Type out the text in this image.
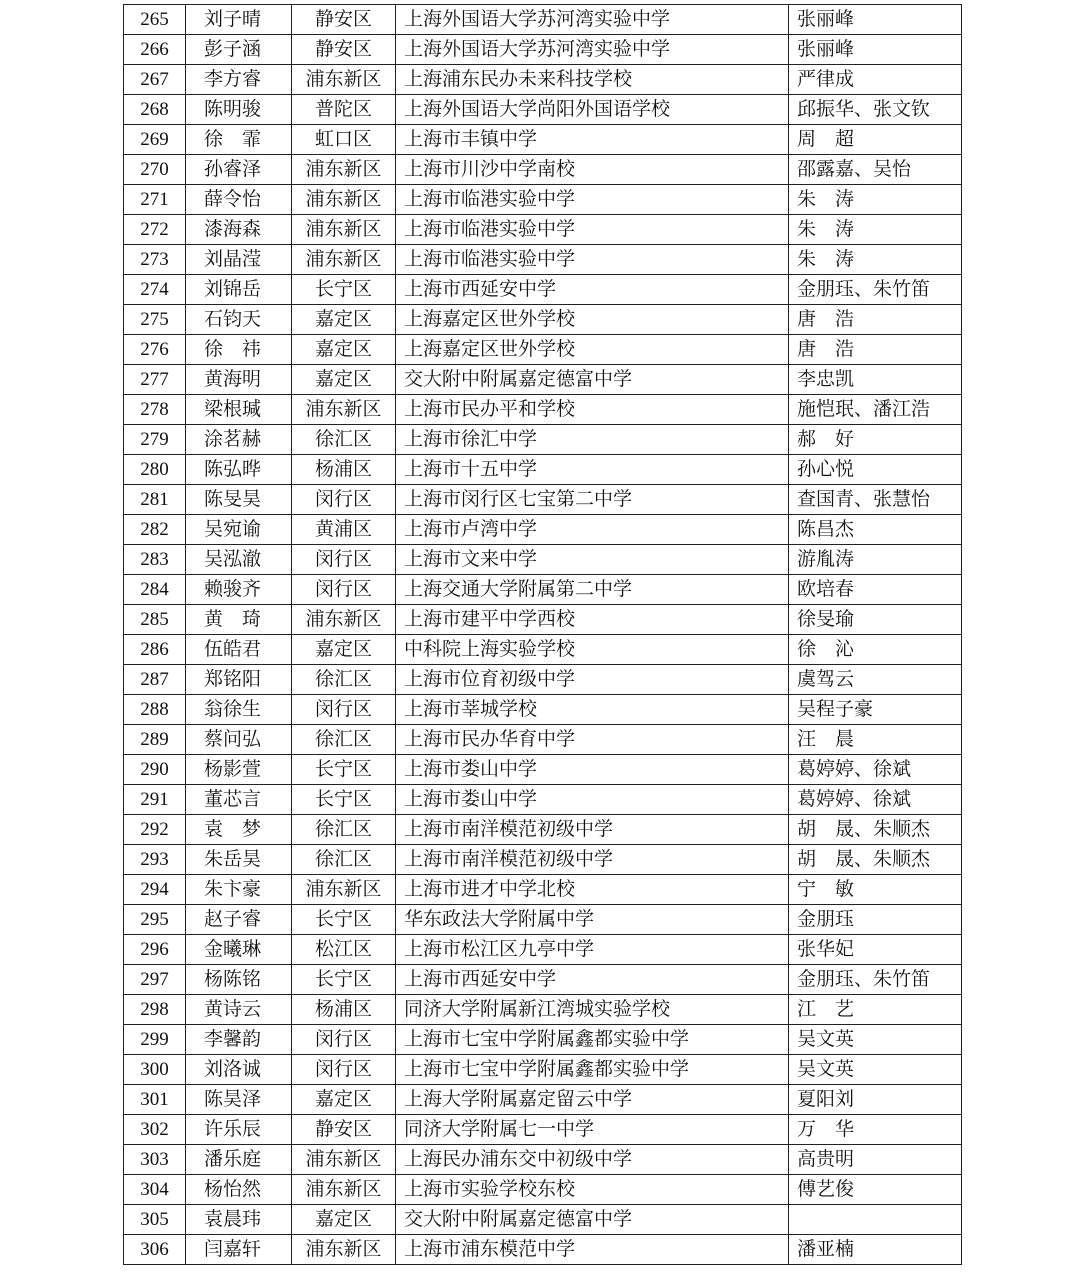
265	刘子晴	静安区	上海外国语大学苏河湾实验中学	张丽峰
266	彭子涵	静安区	上海外国语大学苏河湾实验中学	张丽峰
267	李方睿	浦东新区	上海浦东民办未来科技学校	严律成
268	陈明骏	普陀区	上海外国语大学尚阳外国语学校	邱振华、张文钦
269	徐　霏	虹口区	上海市丰镇中学	周　超
270	孙睿泽	浦东新区	上海市川沙中学南校	邵露嘉、吴怡
271	薛令怡	浦东新区	上海市临港实验中学	朱　涛
272	漆海森	浦东新区	上海市临港实验中学	朱　涛
273	刘晶滢	浦东新区	上海市临港实验中学	朱　涛
274	刘锦岳	长宁区	上海市西延安中学	金朋珏、朱竹笛
275	石钧天	嘉定区	上海嘉定区世外学校	唐　浩
276	徐　祎	嘉定区	上海嘉定区世外学校	唐　浩
277	黄海明	嘉定区	交大附中附属嘉定德富中学	李忠凯
278	梁根瑊	浦东新区	上海市民办平和学校	施恺珉、潘江浩
279	涂茗赫	徐汇区	上海市徐汇中学	郝　好
280	陈弘晔	杨浦区	上海市十五中学	孙心悦
281	陈旻昊	闵行区	上海市闵行区七宝第二中学	查国青、张慧怡
282	吴宛谕	黄浦区	上海市卢湾中学	陈昌杰
283	吴泓澈	闵行区	上海市文来中学	游胤涛
284	赖骏齐	闵行区	上海交通大学附属第二中学	欧培春
285	黄　琦	浦东新区	上海市建平中学西校	徐旻瑜
286	伍皓君	嘉定区	中科院上海实验学校	徐　沁
287	郑铭阳	徐汇区	上海市位育初级中学	虞驾云
288	翁徐生	闵行区	上海市莘城学校	吴程子豪
289	蔡问弘	徐汇区	上海市民办华育中学	汪　晨
290	杨影萱	长宁区	上海市娄山中学	葛婷婷、徐斌
291	董芯言	长宁区	上海市娄山中学	葛婷婷、徐斌
292	袁　梦	徐汇区	上海市南洋模范初级中学	胡　晟、朱顺杰
293	朱岳昊	徐汇区	上海市南洋模范初级中学	胡　晟、朱顺杰
294	朱卞豪	浦东新区	上海市进才中学北校	宁　敏
295	赵子睿	长宁区	华东政法大学附属中学	金朋珏
296	金曦琳	松江区	上海市松江区九亭中学	张华妃
297	杨陈铭	长宁区	上海市西延安中学	金朋珏、朱竹笛
298	黄诗云	杨浦区	同济大学附属新江湾城实验学校	江　艺
299	李馨韵	闵行区	上海市七宝中学附属鑫都实验中学	吴文英
300	刘洛诚	闵行区	上海市七宝中学附属鑫都实验中学	吴文英
301	陈昊泽	嘉定区	上海大学附属嘉定留云中学	夏阳刘
302	许乐辰	静安区	同济大学附属七一中学	万　华
303	潘乐庭	浦东新区	上海民办浦东交中初级中学	高贵明
304	杨怡然	浦东新区	上海市实验学校东校	傅艺俊
305	袁晨玮	嘉定区	交大附中附属嘉定德富中学	
306	闫嘉轩	浦东新区	上海市浦东模范中学	潘亚楠
